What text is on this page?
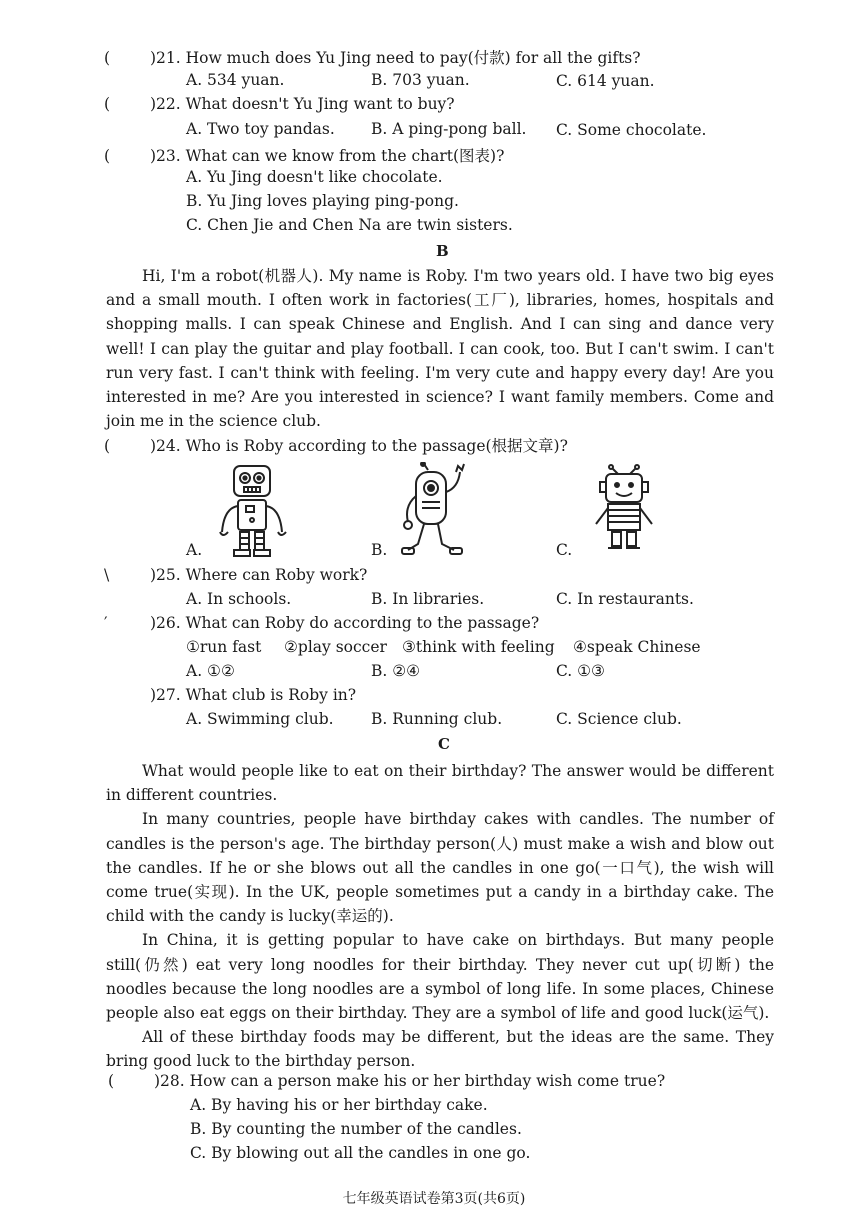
(	)21. How much does Yu Jing need to pay(付款) for all the gifts?
A. 534 yuan.	B. 703 yuan.	C. 614 yuan.
(	)22. What doesn't Yu Jing want to buy?
A. Two toy pandas. B. A ping-pong ball. C. Some chocolate.
(	)23. What can we know from the chart(图表)?
A. Yu Jing doesn't like chocolate.
B. Yu Jing loves playing ping-pong.
C. Chen Jie and Chen Na are twin sisters.
B

Hi, I'm a robot(机器人). My name is Roby. I'm two years old. I have two big eyes and a small mouth. I often work in factories(工厂), libraries, homes, hospitals and shopping malls. I can speak Chinese and English. And I can sing and dance very well! I can play the guitar and play football. I can cook, too. But I can't swim. I can't run very fast. I can't think with feeling. I'm very cute and happy every day! Are you interested in me? Are you interested in science? I want family members. Come and join me in the science club.

(	)24. Who is Roby according to the passage(根据文章)?
A.	B.	C.
\	)25. Where can Roby work?
A. In schools.	B. In libraries.	C. In restaurants.
′	)26. What can Roby do according to the passage?
①run fast ②play soccer ③think with feeling ④speak Chinese
A. ①②	B. ②④	C. ①③
)27. What club is Roby in?
A. Swimming club. B. Running club.	C. Science club.
C

What would people like to eat on their birthday? The answer would be different in different countries.

In many countries, people have birthday cakes with candles. The number of candles is the person's age. The birthday person(人) must make a wish and blow out the candles. If he or she blows out all the candles in one go(一口气), the wish will come true(实现). In the UK, people sometimes put a candy in a birthday cake. The child with the candy is lucky(幸运的).

In China, it is getting popular to have cake on birthdays. But many people still(仍然) eat very long noodles for their birthday. They never cut up(切断) the noodles because the long noodles are a symbol of long life. In some places, Chinese people also eat eggs on their birthday. They are a symbol of life and good luck(运气).

All of these birthday foods may be different, but the ideas are the same. They bring good luck to the birthday person.

(	)28. How can a person make his or her birthday wish come true?
A. By having his or her birthday cake.
B. By counting the number of the candles.
C. By blowing out all the candles in one go.
七年级英语试卷第3页(共6页)
